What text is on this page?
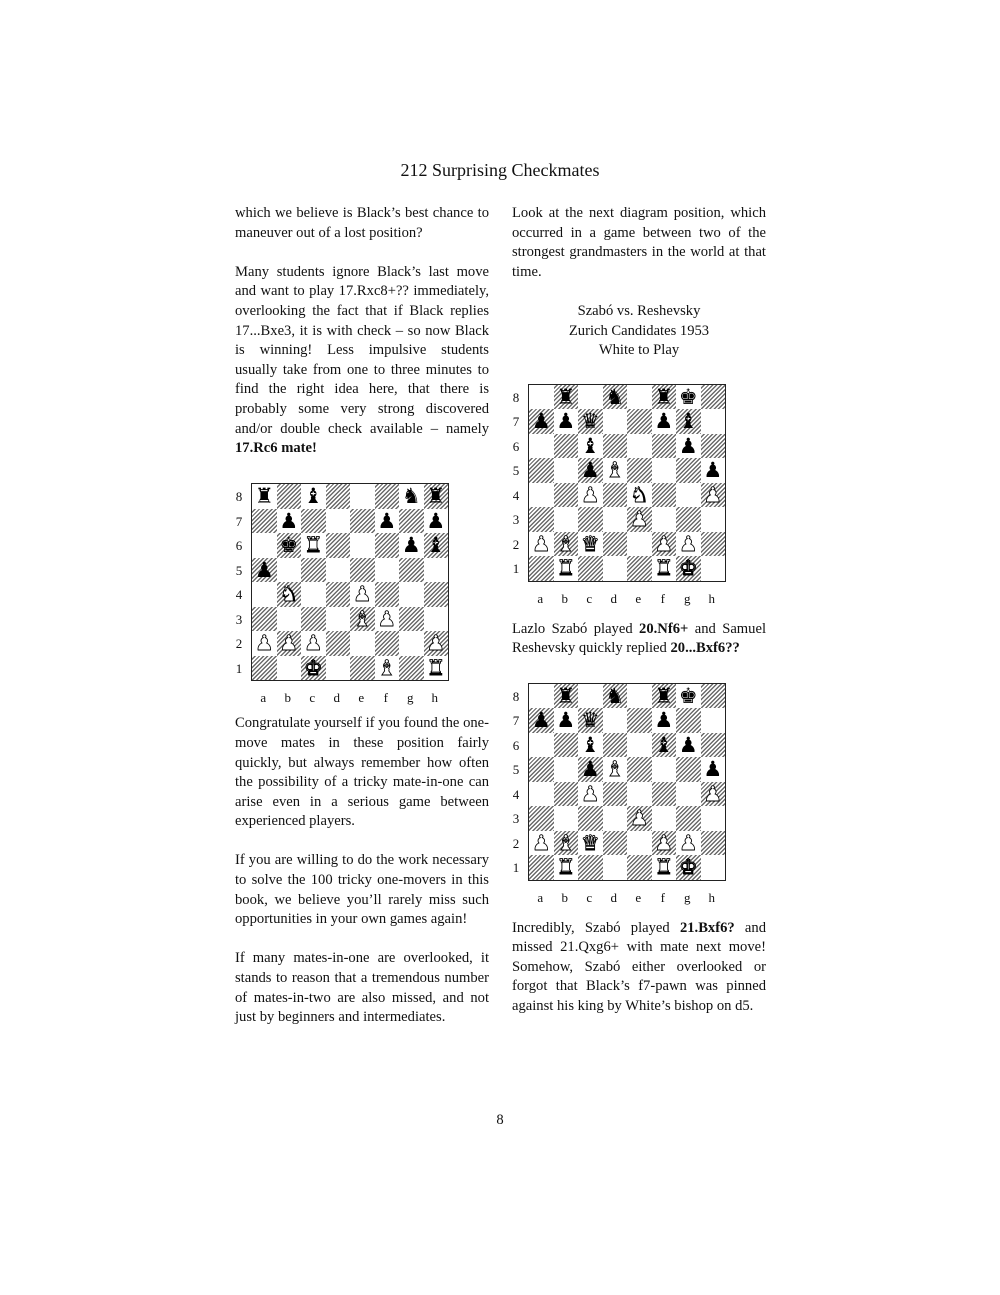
212 Surprising Checkmates

which we believe is Black’s best chance to maneuver out of a lost position?

Many students ignore Black’s last move and want to play 17.Rxc8+?? immediately, overlooking the fact that if Black replies 17...Bxe3, it is with check – so now Black is winning! Less impulsive students usually take from one to three minutes to find the right idea here, that there is probably some very strong discovered and/or double check available – namely 17.Rc6 mate!

8
7
6
5
4
3
2
1
♜ ♝	♞ ♜
♟	♟ ♟
♚ ♜	♟ ♝
♟
♞	♟
♝ ♟
♟ ♟ ♟	♟
♚	♝ ♜
a	b	c	d	e	f	g	h

Congratulate yourself if you found the one-move mates in these position fairly quickly, but always remember how often the possibility of a tricky mate-in-one can arise even in a serious game between experienced players.

If you are willing to do the work necessary to solve the 100 tricky one-movers in this book, we believe you’ll rarely miss such opportunities in your own games again!

If many mates-in-one are overlooked, it stands to reason that a tremendous number of mates-in-two are also missed, and not just by beginners and intermediates.

Look at the next diagram position, which occurred in a game between two of the strongest grandmasters in the world at that time.

Szabó vs. Reshevsky
Zurich Candidates 1953
White to Play
8
7
6
5
4
3
2
1
♜ ♞ ♜ ♚
♟ ♟ ♛	♟ ♝
♝	♟
♟ ♝	♟
♟ ♞	♟
♟
♟ ♝ ♛	♟ ♟
♜	♜ ♚
a	b	c	d	e	f	g	h

Lazlo Szabó played 20.Nf6+ and Samuel Reshevsky quickly replied 20...Bxf6??

8
7
6
5
4
3
2
1
♜ ♞ ♜ ♚
♟ ♟ ♛	♟
♝	♝ ♟
♟ ♝	♟
♟	♟
♟
♟ ♝ ♛	♟ ♟
♜	♜ ♚
a	b	c	d	e	f	g	h

Incredibly, Szabó played 21.Bxf6? and missed 21.Qxg6+ with mate next move! Somehow, Szabó either overlooked or forgot that Black’s f7-pawn was pinned against his king by White’s bishop on d5.

8
